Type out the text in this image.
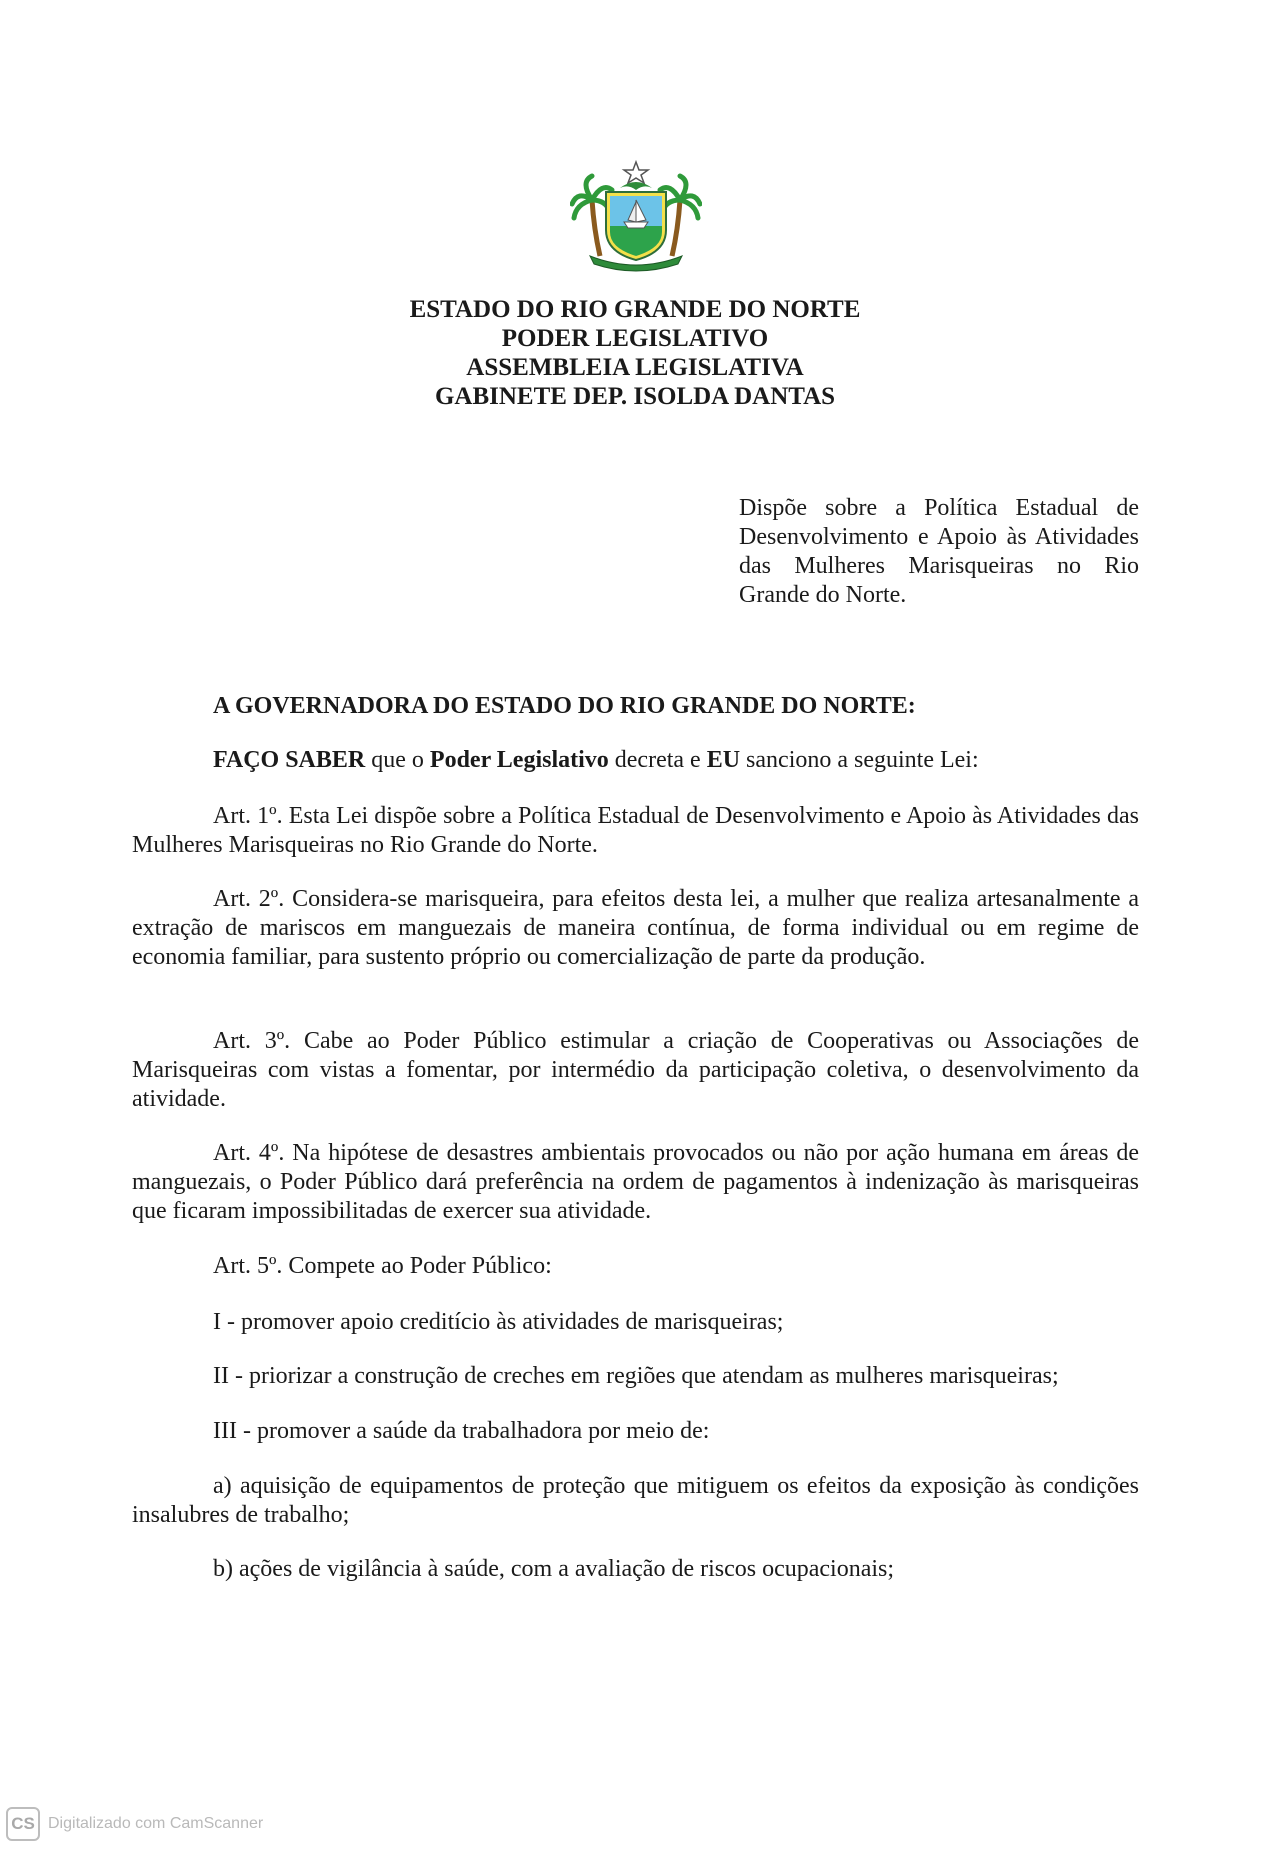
ESTADO DO RIO GRANDE DO NORTE
PODER LEGISLATIVO
ASSEMBLEIA LEGISLATIVA
GABINETE DEP. ISOLDA DANTAS
Dispõe sobre a Política Estadual de Desenvolvimento e Apoio às Atividades das Mulheres Marisqueiras no Rio Grande do Norte.
A GOVERNADORA DO ESTADO DO RIO GRANDE DO NORTE:
FAÇO SABER que o Poder Legislativo decreta e EU sanciono a seguinte Lei:
Art. 1º. Esta Lei dispõe sobre a Política Estadual de Desenvolvimento e Apoio às Atividades das Mulheres Marisqueiras no Rio Grande do Norte.
Art. 2º. Considera-se marisqueira, para efeitos desta lei, a mulher que realiza artesanalmente a extração de mariscos em manguezais de maneira contínua, de forma individual ou em regime de economia familiar, para sustento próprio ou comercialização de parte da produção.
Art. 3º. Cabe ao Poder Público estimular a criação de Cooperativas ou Associações de Marisqueiras com vistas a fomentar, por intermédio da participação coletiva, o desenvolvimento da atividade.
Art. 4º. Na hipótese de desastres ambientais provocados ou não por ação humana em áreas de manguezais, o Poder Público dará preferência na ordem de pagamentos à indenização às marisqueiras que ficaram impossibilitadas de exercer sua atividade.
Art. 5º. Compete ao Poder Público:
I - promover apoio creditício às atividades de marisqueiras;
II - priorizar a construção de creches em regiões que atendam as mulheres marisqueiras;
III - promover a saúde da trabalhadora por meio de:
a) aquisição de equipamentos de proteção que mitiguem os efeitos da exposição às condições insalubres de trabalho;
b) ações de vigilância à saúde, com a avaliação de riscos ocupacionais;
CS Digitalizado com CamScanner
